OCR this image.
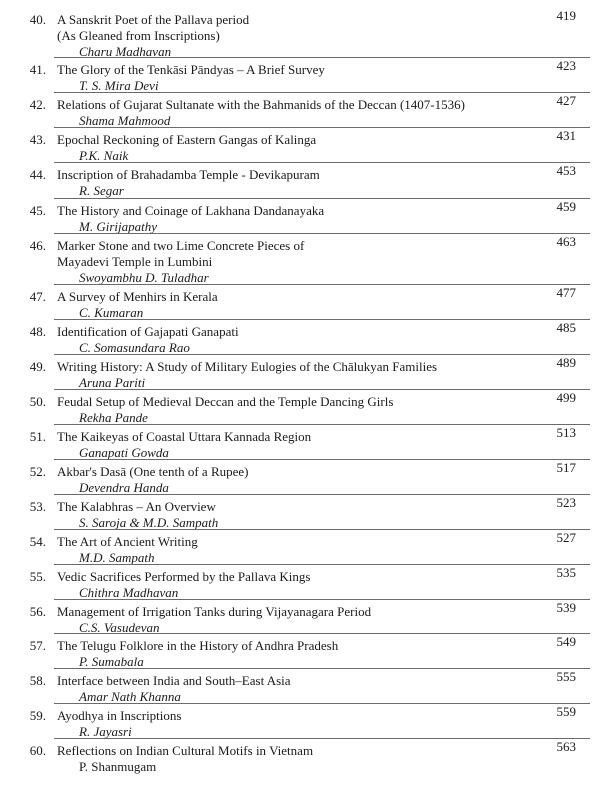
40. A Sanskrit Poet of the Pallava period
(As Gleaned from Inscriptions)
Charu Madhavan
419
41. The Glory of the Tenkāsi Pāndyas – A Brief Survey
T. S. Mira Devi
423
42. Relations of Gujarat Sultanate with the Bahmanids of the Deccan (1407-1536)
Shama Mahmood
427
43. Epochal Reckoning of Eastern Gangas of Kalinga
P.K. Naik
431
44. Inscription of Brahadamba Temple - Devikapuram
R. Segar
453
45. The History and Coinage of Lakhana Dandanayaka
M. Girijapathy
459
46. Marker Stone and two Lime Concrete Pieces of
Mayadevi Temple in Lumbini
Swoyambhu D. Tuladhar
463
47. A Survey of Menhirs in Kerala
C. Kumaran
477
48. Identification of Gajapati Ganapati
C. Somasundara Rao
485
49. Writing History: A Study of Military Eulogies of the Chālukyan Families
Aruna Pariti
489
50. Feudal Setup of Medieval Deccan and the Temple Dancing Girls
Rekha Pande
499
51. The Kaikeyas of Coastal Uttara Kannada Region
Ganapati Gowda
513
52. Akbar's Dasā (One tenth of a Rupee)
Devendra Handa
517
53. The Kalabhras – An Overview
S. Saroja & M.D. Sampath
523
54. The Art of Ancient Writing
M.D. Sampath
527
55. Vedic Sacrifices Performed by the Pallava Kings
Chithra Madhavan
535
56. Management of Irrigation Tanks during Vijayanagara Period
C.S. Vasudevan
539
57. The Telugu Folklore in the History of Andhra Pradesh
P. Sumabala
549
58. Interface between India and South–East Asia
Amar Nath Khanna
555
59. Ayodhya in Inscriptions
R. Jayasri
559
60. Reflections on Indian Cultural Motifs in Vietnam
P. Shanmugam
563
